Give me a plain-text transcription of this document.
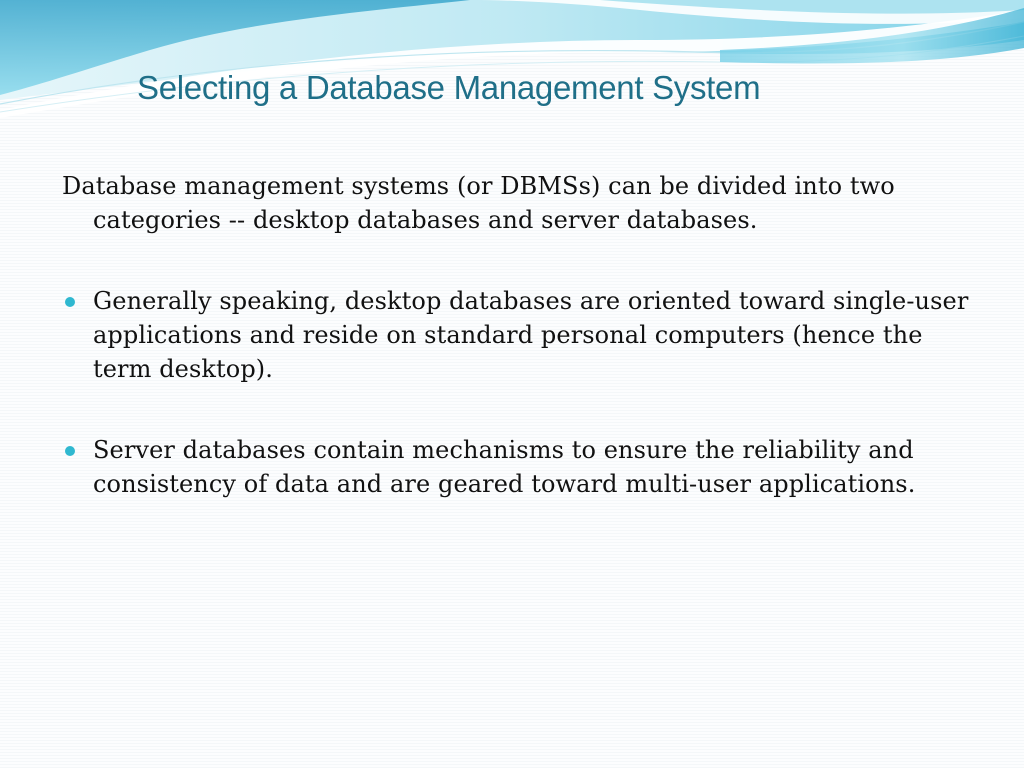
Selecting a Database Management System

Database management systems (or DBMSs) can be divided into two categories -- desktop databases and server databases.

Generally speaking, desktop databases are oriented toward single-user applications and reside on standard personal computers (hence the term desktop).
Server databases contain mechanisms to ensure the reliability and consistency of data and are geared toward multi-user applications.
